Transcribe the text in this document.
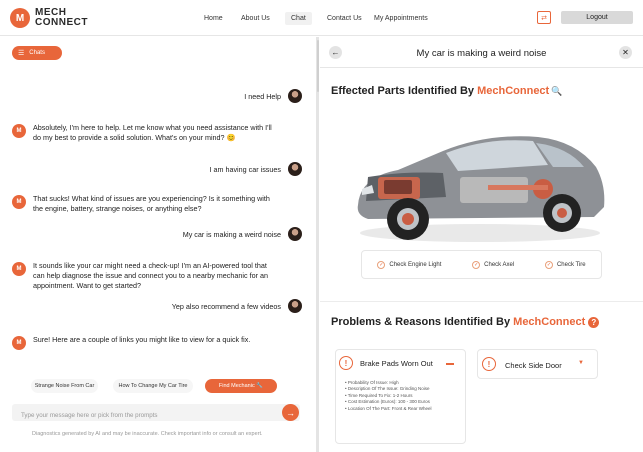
M	MECH
CONNECT	Home	About Us	Chat	Contact Us My Appointments	⇄	Logout
☰ Chats
I need Help
M	Absolutely, I'm here to help. Let me know what you need assistance with I'll do my best to provide a solid solution. What's on your mind? 😊
I am having car issues
M	That sucks! What kind of issues are you experiencing? Is it something with the engine, battery, strange noises, or anything else?
My car is making a weird noise
M	It sounds like your car might need a check-up! I'm an AI-powered tool that can help diagnose the issue and connect you to a nearby mechanic for an appointment. Want to get started?
Yep also recommend a few videos
M	Sure! Here are a couple of links you might like to view for a quick fix.
Strange Noise From Car	How To Change My Car Tire	Find Mechanic 🔧
Type your message here or pick from the prompts
→
Diagnostics generated by AI and may be inaccurate. Check important info or consult an expert.
←	My car is making a weird noise	✕
Effected Parts Identified By MechConnect 🔍
✓ Check Engine Light	✓ Check Axel	✓ Check Tire
Problems & Reasons Identified By MechConnect ?
!	Brake Pads Worn Out
• Probability Of Issue: High
• Description Of The Issue: Grinding Noise
• Time Required To Fix: 1-2 Hours
• Cost Estimation (Euros): 100 - 300 Euros
• Location Of The Part: Front & Rear Wheel
!	Check Side Door	▼
